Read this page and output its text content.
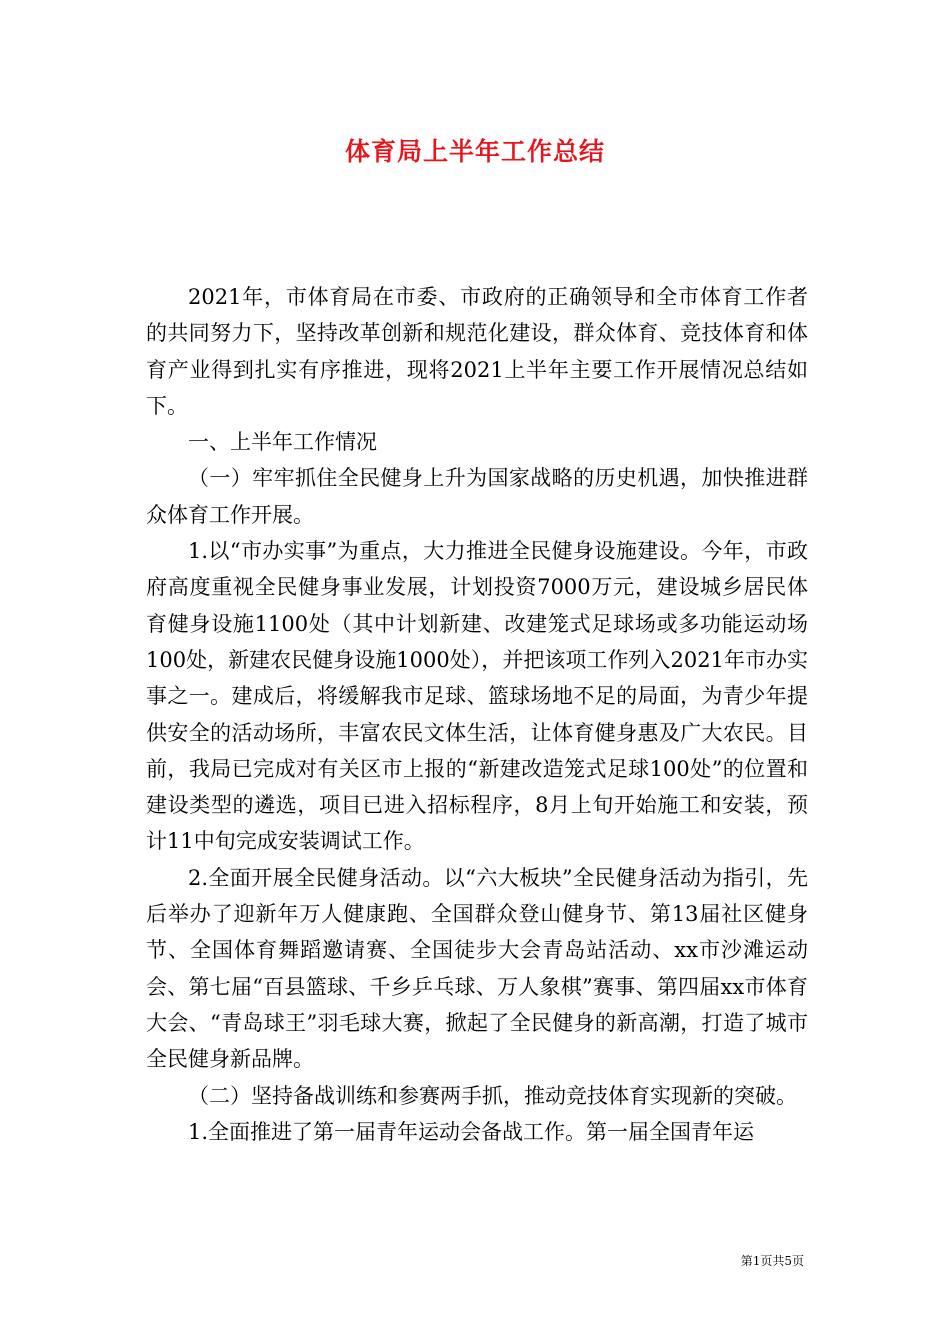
体育局上半年工作总结

2021年，市体育局在市委、市政府的正确领导和全市体育工作者的共同努力下，坚持改革创新和规范化建设，群众体育、竞技体育和体育产业得到扎实有序推进，现将2021上半年主要工作开展情况总结如下。

一、上半年工作情况

（一）牢牢抓住全民健身上升为国家战略的历史机遇，加快推进群众体育工作开展。

1.以“市办实事”为重点，大力推进全民健身设施建设。今年，市政府高度重视全民健身事业发展，计划投资7000万元，建设城乡居民体育健身设施1100处（其中计划新建、改建笼式足球场或多功能运动场100处，新建农民健身设施1000处），并把该项工作列入2021年市办实事之一。建成后，将缓解我市足球、篮球场地不足的局面，为青少年提供安全的活动场所，丰富农民文体生活，让体育健身惠及广大农民。目前，我局已完成对有关区市上报的“新建改造笼式足球100处”的位置和建设类型的遴选，项目已进入招标程序，8月上旬开始施工和安装，预计11中旬完成安装调试工作。

2.全面开展全民健身活动。以“六大板块”全民健身活动为指引，先后举办了迎新年万人健康跑、全国群众登山健身节、第13届社区健身节、全国体育舞蹈邀请赛、全国徒步大会青岛站活动、xx市沙滩运动会、第七届“百县篮球、千乡乒乓球、万人象棋”赛事、第四届xx市体育大会、“青岛球王”羽毛球大赛，掀起了全民健身的新高潮，打造了城市全民健身新品牌。

（二）坚持备战训练和参赛两手抓，推动竞技体育实现新的突破。

1.全面推进了第一届青年运动会备战工作。第一届全国青年运

第1页共5页
